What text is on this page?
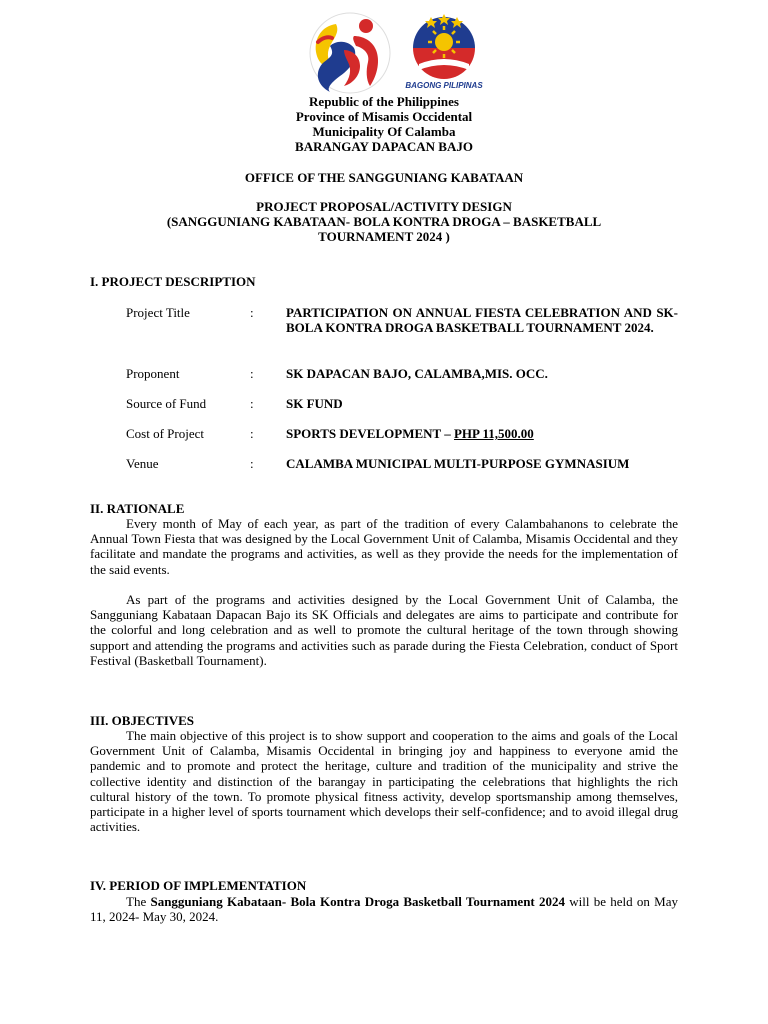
BAGONG PILIPINAS
Republic of the Philippines
Province of Misamis Occidental
Municipality Of Calamba
BARANGAY DAPACAN BAJO
OFFICE OF THE SANGGUNIANG KABATAAN
PROJECT PROPOSAL/ACTIVITY DESIGN
(SANGGUNIANG KABATAAN- BOLA KONTRA DROGA – BASKETBALL
TOURNAMENT 2024 )
I. PROJECT DESCRIPTION
Project Title	: PARTICIPATION ON ANNUAL FIESTA CELEBRATION AND SK- BOLA KONTRA DROGA BASKETBALL TOURNAMENT 2024.
Proponent	: SK DAPACAN BAJO, CALAMBA,MIS. OCC.
Source of Fund	: SK FUND
Cost of Project	: SPORTS DEVELOPMENT – PHP 11,500.00
Venue	: CALAMBA MUNICIPAL MULTI-PURPOSE GYMNASIUM
II. RATIONALE

Every month of May of each year, as part of the tradition of every Calambahanons to celebrate the Annual Town Fiesta that was designed by the Local Government Unit of Calamba, Misamis Occidental and they facilitate and mandate the programs and activities, as well as they provide the needs for the implementation of the said events.

As part of the programs and activities designed by the Local Government Unit of Calamba, the Sangguniang Kabataan Dapacan Bajo its SK Officials and delegates are aims to participate and contribute for the colorful and long celebration and as well to promote the cultural heritage of the town through showing support and attending the programs and activities such as parade during the Fiesta Celebration, conduct of Sport Festival (Basketball Tournament).

III. OBJECTIVES

The main objective of this project is to show support and cooperation to the aims and goals of the Local Government Unit of Calamba, Misamis Occidental in bringing joy and happiness to everyone amid the pandemic and to promote and protect the heritage, culture and tradition of the municipality and strive the collective identity and distinction of the barangay in participating the celebrations that highlights the rich cultural history of the town. To promote physical fitness activity, develop sportsmanship among themselves, participate in a higher level of sports tournament which develops their self-confidence; and to avoid illegal drug activities.

IV. PERIOD OF IMPLEMENTATION

The Sangguniang Kabataan- Bola Kontra Droga Basketball Tournament 2024 will be held on May 11, 2024- May 30, 2024.
